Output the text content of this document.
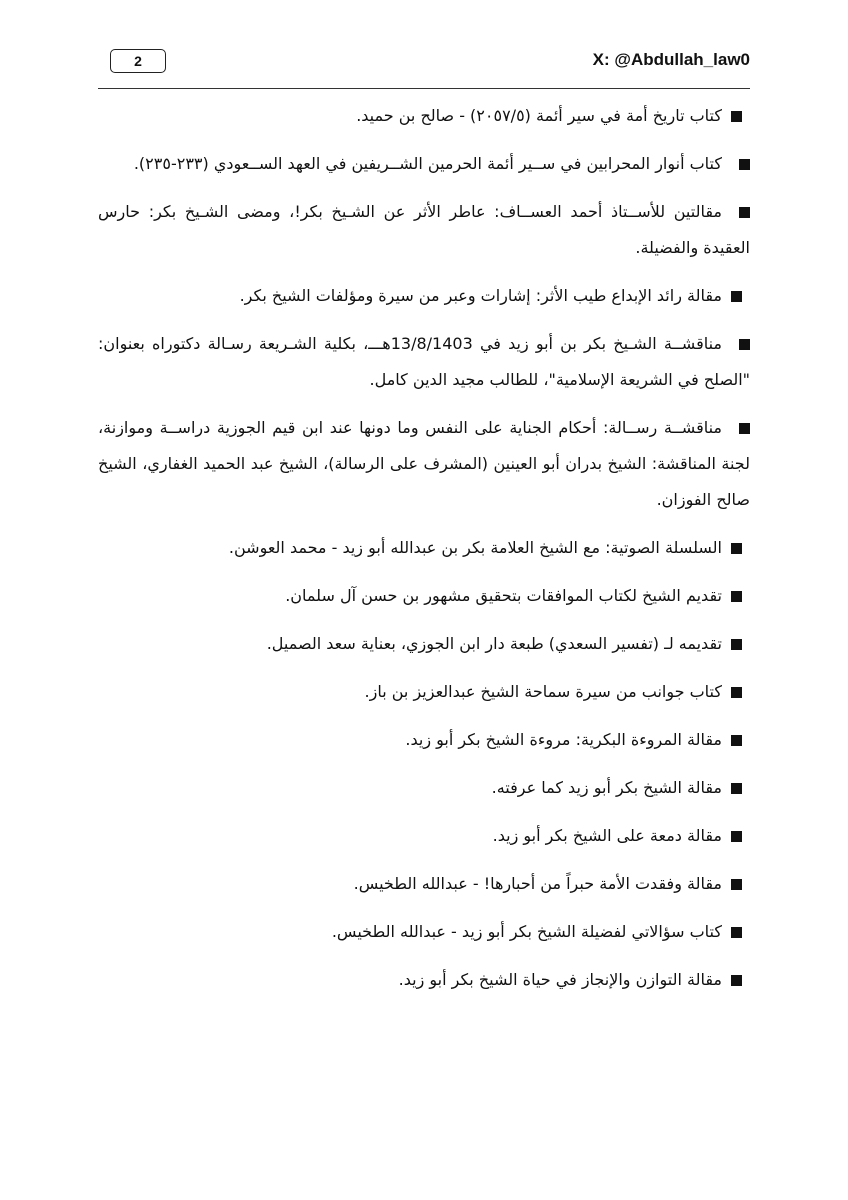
2	X: @Abdullah_law0
كتاب تاريخ أمة في سير أئمة (٢٠٥٧/٥) - صالح بن حميد.
كتاب أنوار المحرابين في ســير أئمة الحرمين الشــريفين في العهد الســعودي (٢٣٣-٢٣٥).
مقالتين للأســتاذ أحمد العســاف: عاطر الأثر عن الشـيخ بكر!، ومضى الشـيخ بكر: حارس العقيدة والفضيلة.
مقالة رائد الإبداع طيب الأثر: إشارات وعبر من سيرة ومؤلفات الشيخ بكر.
مناقشــة الشـيخ بكر بن أبو زيد في 13/8/1403هـــ، بكلية الشـريعة رسـالة دكتوراه بعنوان: "الصلح في الشريعة الإسلامية"، للطالب مجيد الدين كامل.
مناقشــة رســالة: أحكام الجناية على النفس وما دونها عند ابن قيم الجوزية دراســة وموازنة، لجنة المناقشة: الشيخ بدران أبو العينين (المشرف على الرسالة)، الشيخ عبد الحميد الغفاري، الشيخ صالح الفوزان.
السلسلة الصوتية: مع الشيخ العلامة بكر بن عبدالله أبو زيد - محمد العوشن.
تقديم الشيخ لكتاب الموافقات بتحقيق مشهور بن حسن آل سلمان.
تقديمه لـ (تفسير السعدي) طبعة دار ابن الجوزي، بعناية سعد الصميل.
كتاب جوانب من سيرة سماحة الشيخ عبدالعزيز بن باز.
مقالة المروءة البكرية: مروءة الشيخ بكر أبو زيد.
مقالة الشيخ بكر أبو زيد كما عرفته.
مقالة دمعة على الشيخ بكر أبو زيد.
مقالة وفقدت الأمة حبراً من أحبارها! - عبدالله الطخيس.
كتاب سؤالاتي لفضيلة الشيخ بكر أبو زيد - عبدالله الطخيس.
مقالة التوازن والإنجاز في حياة الشيخ بكر أبو زيد.
